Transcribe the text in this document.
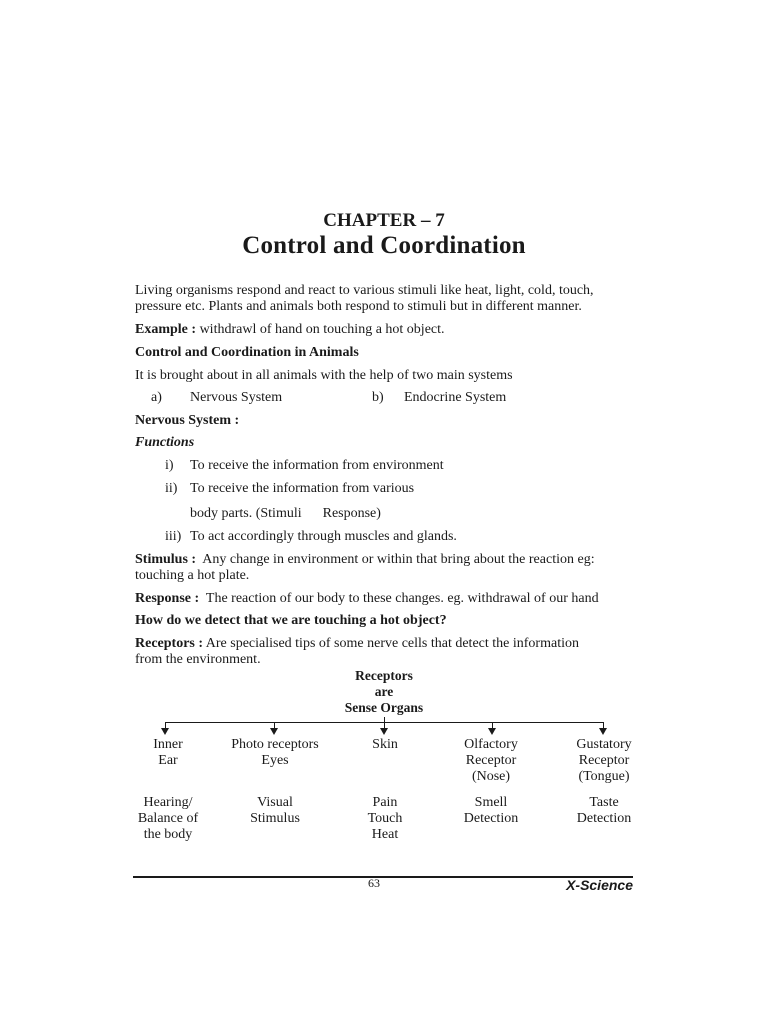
CHAPTER – 7
Control and Coordination
Living organisms respond and react to various stimuli like heat, light, cold, touch,
pressure etc. Plants and animals both respond to stimuli but in different manner.
Example : withdrawl of hand on touching a hot object.
Control and Coordination in Animals
It is brought about in all animals with the help of two main systems
a) Nervous System	b) Endocrine System
Nervous System :
Functions
i) To receive the information from environment
ii) To receive the information from various
body parts. (Stimuli      Response)
iii) To act accordingly through muscles and glands.
Stimulus :  Any change in environment or within that bring about the reaction eg:
touching a hot plate.
Response :  The reaction of our body to these changes. eg. withdrawal of our hand
How do we detect that we are touching a hot object?
Receptors : Are specialised tips of some nerve cells that detect the information
from the environment.
Receptors
are
Sense Organs
Inner
Ear
Hearing/
Balance of
the body
Photo receptors
Eyes
Visual
Stimulus
Skin
Pain
Touch
Heat
Olfactory
Receptor
(Nose)
Smell
Detection
Gustatory
Receptor
(Tongue)
Taste
Detection
63	X-Science
